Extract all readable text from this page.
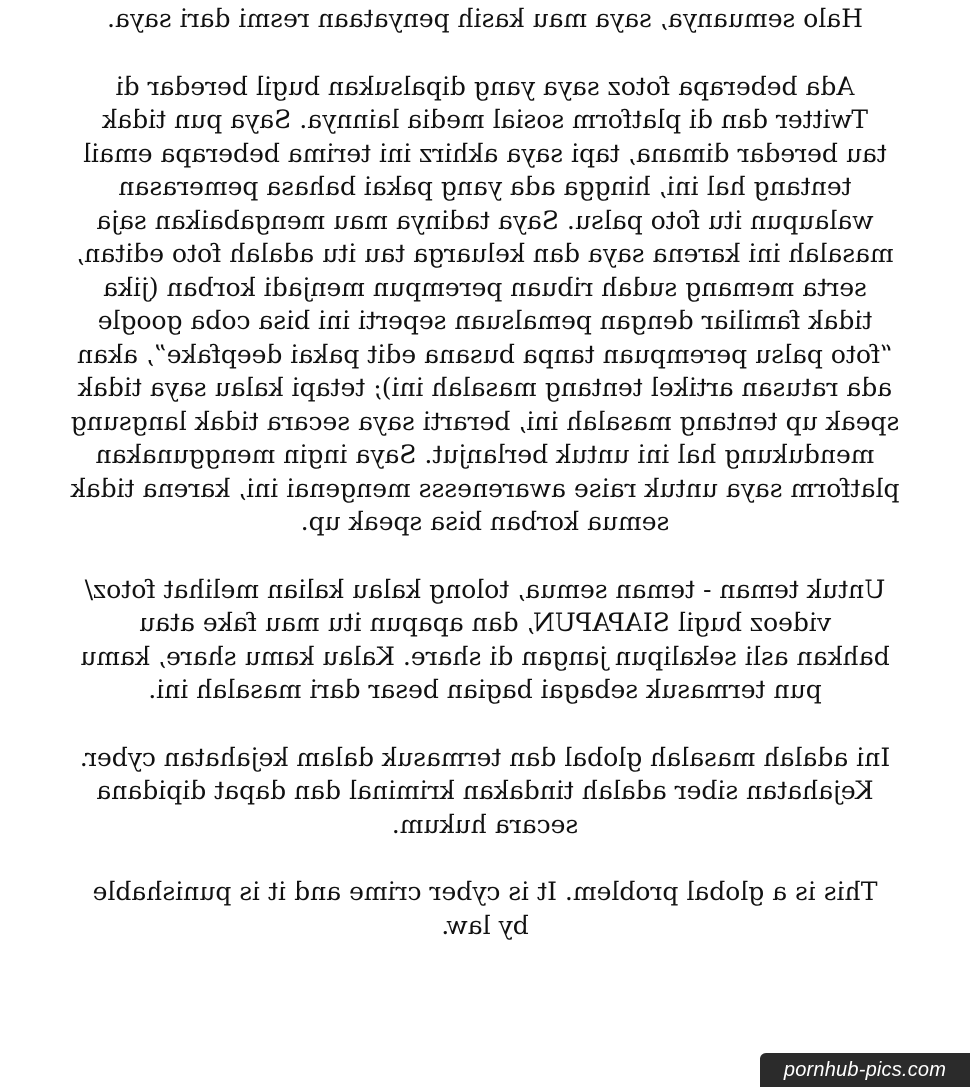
Halo semuanya, saya mau kasih penyataan resmi dari saya.
Ada beberapa fotoz saya yang dipalsukan bugil beredar di
Twitter dan di platform sosial media lainnya. Saya pun tidak
tau beredar dimana, tapi saya akhirz ini terima beberapa email
tentang hal ini, hingga ada yang pakai bahasa pemerasan
walaupun itu foto palsu. Saya tadinya mau mengabaikan saja
masalah ini karena saya dan keluarga tau itu adalah foto editan,
serta memang sudah ribuan perempun menjadi korban (jika
tidak familiar dengan pemalsuan seperti ini bisa coba google
“foto palsu perempuan tanpa busana edit pakai deepfake”, akan
ada ratusan artikel tentang masalah ini); tetapi kalau saya tidak
speak up tentang masalah ini, berarti saya secara tidak langsung
mendukung hal ini untuk berlanjut. Saya ingin menggunakan
platform saya untuk raise awarenesss mengenai ini, karena tidak
semua korban bisa speak up.
Untuk teman - teman semua, tolong kalau kalian melihat fotoz/
videoz bugil SIAPAPUN, dan apapun itu mau fake atau
bahkan asli sekalipun jangan di share. Kalau kamu share, kamu
pun termasuk sebagai bagian besar dari masalah ini.
Ini adalah masalah global dan termasuk dalam kejahatan cyber.
Kejahatan siber adalah tindakan kriminal dan dapat dipidana
secara hukum.
This is a global problem. It is cyber crime and it is punishable
by law.
pornhub-pics.com
